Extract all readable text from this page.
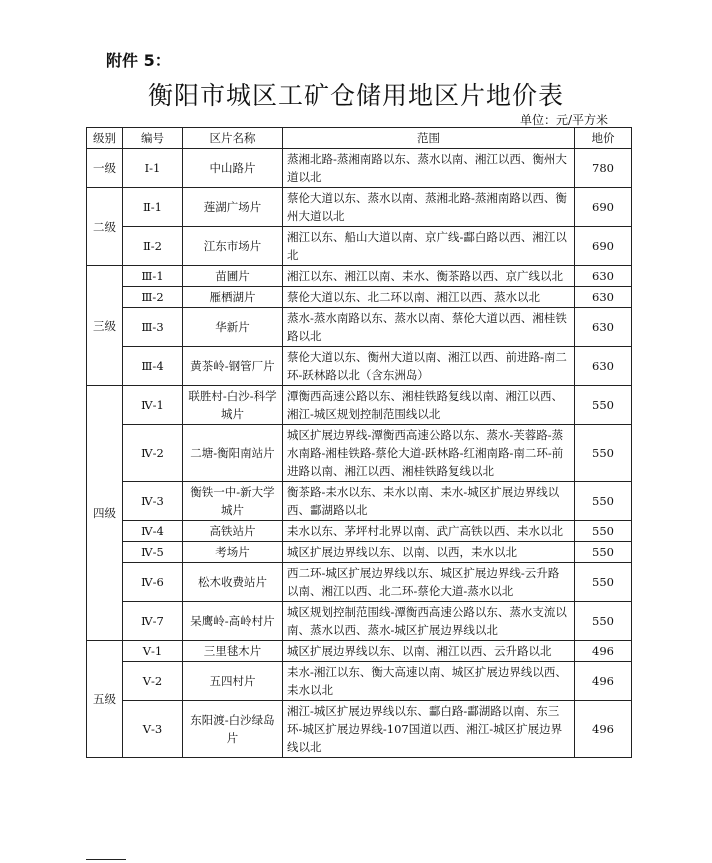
附件 5：
衡阳市城区工矿仓储用地区片地价表
单位：元/平方米
级别	编号	区片名称	范围	地价
一级	Ⅰ-1	中山路片	蒸湘北路-蒸湘南路以东、蒸水以南、湘江以西、衡州大道以北	780
二级	Ⅱ-1	莲湖广场片	蔡伦大道以东、蒸水以南、蒸湘北路-蒸湘南路以西、衡州大道以北	690
	Ⅱ-2	江东市场片	湘江以东、船山大道以南、京广线-酃白路以西、湘江以北	690
三级	Ⅲ-1	苗圃片	湘江以东、湘江以南、耒水、衡茶路以西、京广线以北	630
	Ⅲ-2	雁栖湖片	蔡伦大道以东、北二环以南、湘江以西、蒸水以北	630
	Ⅲ-3	华新片	蒸水-蒸水南路以东、蒸水以南、蔡伦大道以西、湘桂铁路以北	630
	Ⅲ-4	黄茶岭-钢管厂片	蔡伦大道以东、衡州大道以南、湘江以西、前进路-南二环-跃林路以北（含东洲岛）	630
四级	Ⅳ-1	联胜村-白沙-科学城片	潭衡西高速公路以东、湘桂铁路复线以南、湘江以西、湘江-城区规划控制范围线以北	550
	Ⅳ-2	二塘-衡阳南站片	城区扩展边界线-潭衡西高速公路以东、蒸水-芙蓉路-蒸水南路-湘桂铁路-蔡伦大道-跃林路-红湘南路-南二环-前进路以南、湘江以西、湘桂铁路复线以北	550
	Ⅳ-3	衡铁一中-新大学城片	衡茶路-耒水以东、耒水以南、耒水-城区扩展边界线以西、酃湖路以北	550
	Ⅳ-4	高铁站片	耒水以东、茅坪村北界以南、武广高铁以西、耒水以北	550
	Ⅳ-5	考场片	城区扩展边界线以东、以南、以西，耒水以北	550
	Ⅳ-6	松木收费站片	西二环-城区扩展边界线以东、城区扩展边界线-云升路以南、湘江以西、北二环-蔡伦大道-蒸水以北	550
	Ⅳ-7	呆鹰岭-高岭村片	城区规划控制范围线-潭衡西高速公路以东、蒸水支流以南、蒸水以西、蒸水-城区扩展边界线以北	550
五级	Ⅴ-1	三里毬木片	城区扩展边界线以东、以南、湘江以西、云升路以北	496
	Ⅴ-2	五四村片	耒水-湘江以东、衡大高速以南、城区扩展边界线以西、耒水以北	496
	Ⅴ-3	东阳渡-白沙绿岛片	湘江-城区扩展边界线以东、酃白路-酃湖路以南、东三环-城区扩展边界线-107国道以西、湘江-城区扩展边界线以北	496
